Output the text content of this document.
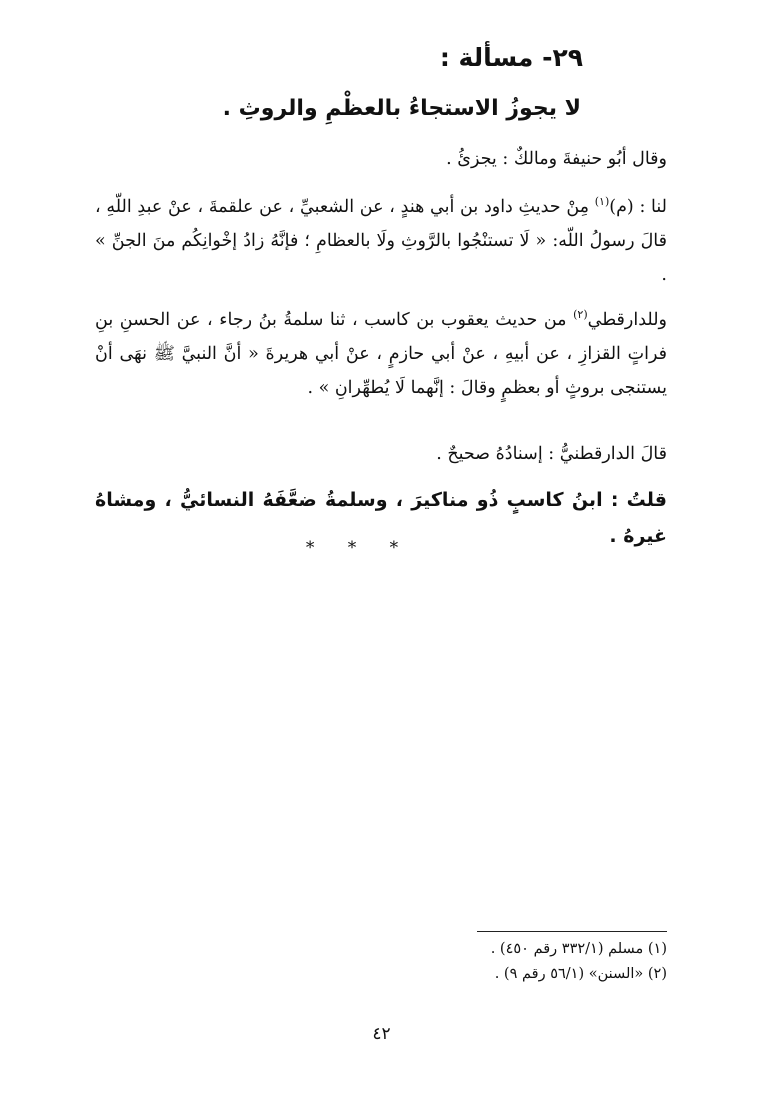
٢٩- مسألة :
لا يجوزُ الاستجاءُ بالعظْمِ والروثِ .
وقال أبُو حنيفةَ ومالكٌ : يجزئُ .
لنا : (م)$^{(١)}$ مِنْ حديثِ داود بن أبي هندٍ ، عن الشعبيِّ ، عن علقمةَ ، عنْ عبدِ اللّهِ ، قالَ رسولُ اللّه: « لَا تستنْجُوا بالرَّوثِ ولَا بالعظامِ ؛ فإنَّهُ زادُ إخْوانِكُم منَ الجنِّ » .
وللدارقطي$^{(٢)}$ من حديث يعقوب بن كاسب ، ثنا سلمةُ بنُ رجاء ، عن الحسنِ بنِ فراتٍ القزازِ ، عن أبيهِ ، عنْ أبي حازمٍ ، عنْ أبي هريرةَ « أنَّ النبيَّ ﷺ نهَى أنْ يستنجى بروثٍ أو بعظمٍ وقالَ : إنَّهما لَا يُطهِّرانِ » .
قالَ الدارقطنيُّ : إسنادُهُ صحيحٌ .
قلتُ : ابنُ كاسبٍ ذُو مناكيرَ ، وسلمةُ ضعَّفَهُ النسائيُّ ، ومشاهُ غيرهُ .
* * *
(١) مسلم (٣٣٢/١ رقم ٤٥٠) .
(٢) «السنن» (٥٦/١ رقم ٩) .
٤٢
